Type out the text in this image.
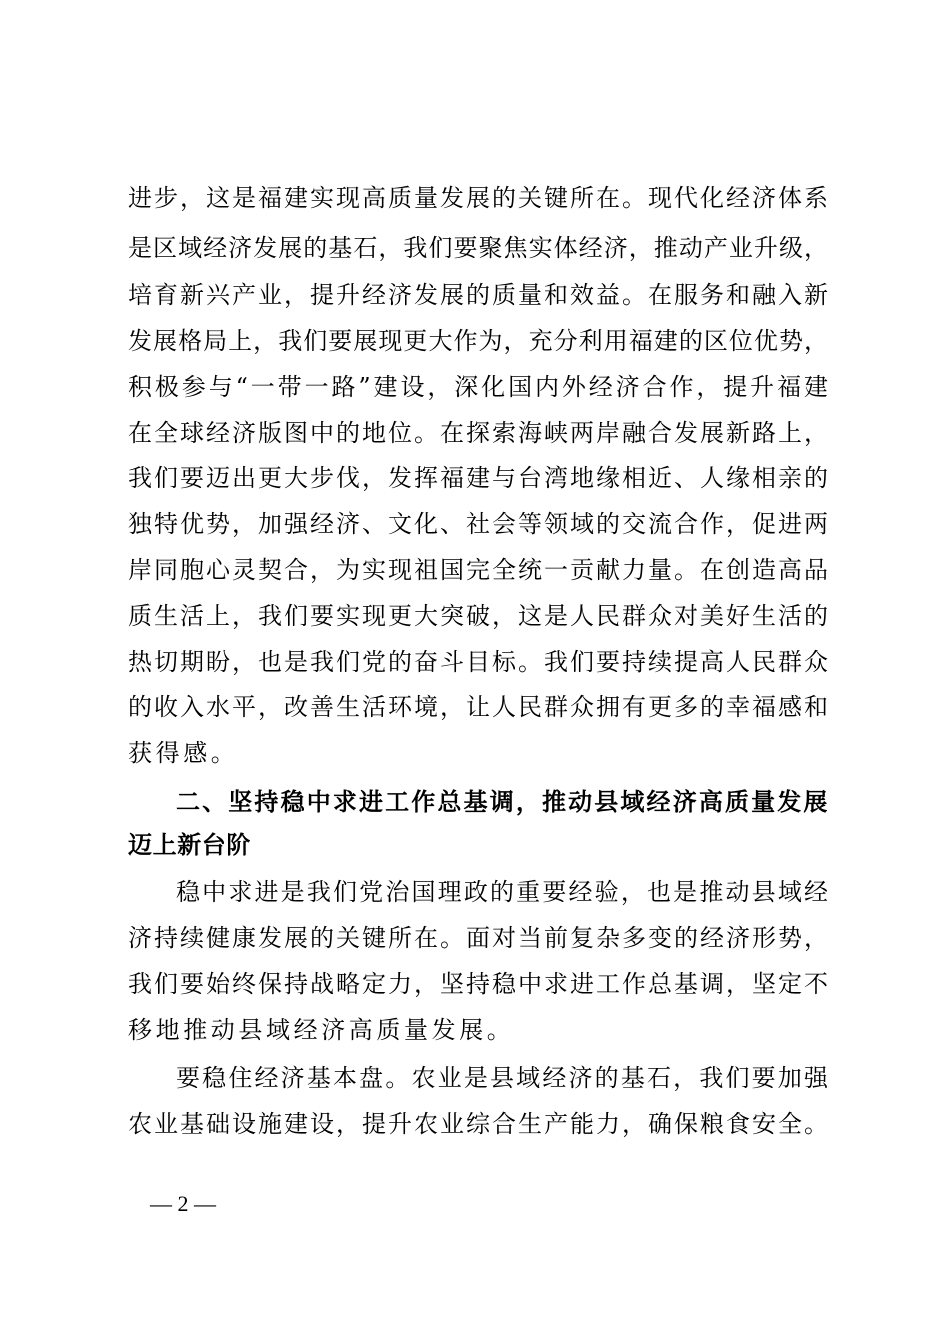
进步，这是福建实现高质量发展的关键所在。现代化经济体系
是区域经济发展的基石，我们要聚焦实体经济，推动产业升级，
培育新兴产业，提升经济发展的质量和效益。在服务和融入新
发展格局上，我们要展现更大作为，充分利用福建的区位优势，
积极参与“一带一路”建设，深化国内外经济合作，提升福建
在全球经济版图中的地位。在探索海峡两岸融合发展新路上，
我们要迈出更大步伐，发挥福建与台湾地缘相近、人缘相亲的
独特优势，加强经济、文化、社会等领域的交流合作，促进两
岸同胞心灵契合，为实现祖国完全统一贡献力量。在创造高品
质生活上，我们要实现更大突破，这是人民群众对美好生活的
热切期盼，也是我们党的奋斗目标。我们要持续提高人民群众
的收入水平，改善生活环境，让人民群众拥有更多的幸福感和
获得感。
二、坚持稳中求进工作总基调，推动县域经济高质量发展
迈上新台阶
稳中求进是我们党治国理政的重要经验，也是推动县域经
济持续健康发展的关键所在。面对当前复杂多变的经济形势，
我们要始终保持战略定力，坚持稳中求进工作总基调，坚定不
移地推动县域经济高质量发展。
要稳住经济基本盘。农业是县域经济的基石，我们要加强
农业基础设施建设，提升农业综合生产能力，确保粮食安全。
— 2 —
